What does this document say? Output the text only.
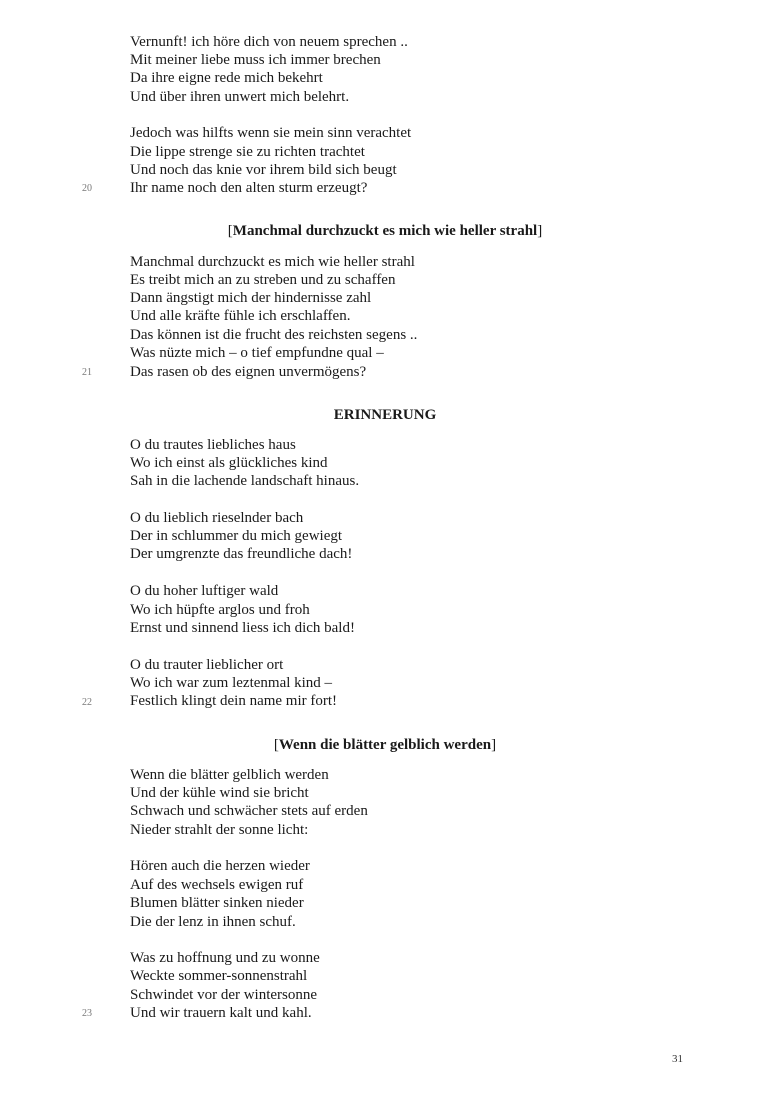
Vernunft! ich höre dich von neuem sprechen ..
Mit meiner liebe muss ich immer brechen
Da ihre eigne rede mich bekehrt
Und über ihren unwert mich belehrt.
Jedoch was hilfts wenn sie mein sinn verachtet
Die lippe strenge sie zu richten trachtet
Und noch das knie vor ihrem bild sich beugt
Ihr name noch den alten sturm erzeugt?
20
[Manchmal durchzuckt es mich wie heller strahl]
Manchmal durchzuckt es mich wie heller strahl
Es treibt mich an zu streben und zu schaffen
Dann ängstigt mich der hindernisse zahl
Und alle kräfte fühle ich erschlaffen.
Das können ist die frucht des reichsten segens ..
Was nüzte mich – o tief empfundne qual –
Das rasen ob des eignen unvermögens?
21
ERINNERUNG
O du trautes liebliches haus
Wo ich einst als glückliches kind
Sah in die lachende landschaft hinaus.
O du lieblich rieselnder bach
Der in schlummer du mich gewiegt
Der umgrenzte das freundliche dach!
O du hoher luftiger wald
Wo ich hüpfte arglos und froh
Ernst und sinnend liess ich dich bald!
O du trauter lieblicher ort
Wo ich war zum leztenmal kind –
Festlich klingt dein name mir fort!
22
[Wenn die blätter gelblich werden]
Wenn die blätter gelblich werden
Und der kühle wind sie bricht
Schwach und schwächer stets auf erden
Nieder strahlt der sonne licht:
Hören auch die herzen wieder
Auf des wechsels ewigen ruf
Blumen blätter sinken nieder
Die der lenz in ihnen schuf.
Was zu hoffnung und zu wonne
Weckte sommer-sonnenstrahl
Schwindet vor der wintersonne
Und wir trauern kalt und kahl.
23
31
